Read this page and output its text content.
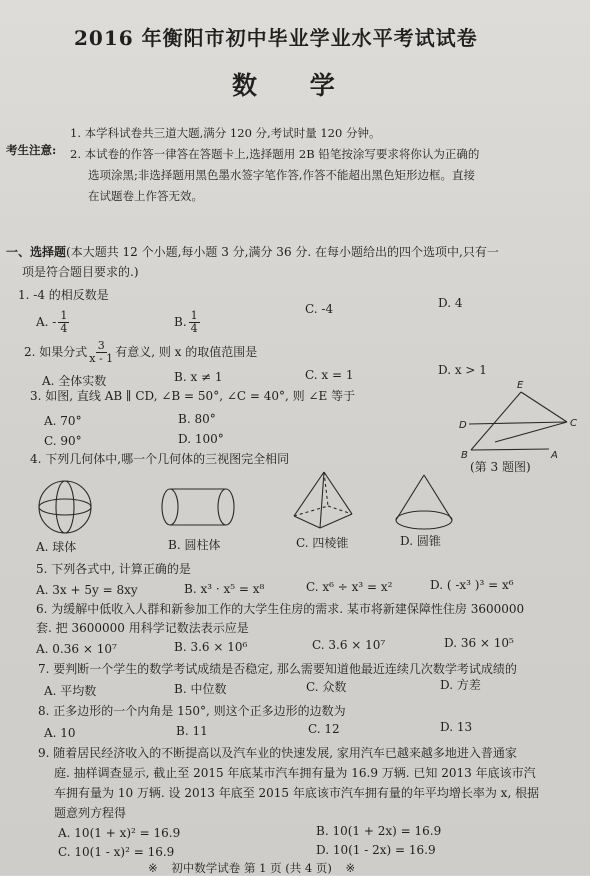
2016 年衡阳市初中毕业学业水平考试试卷
数 学
考生注意:
1. 本学科试卷共三道大题,满分 120 分,考试时量 120 分钟。
2. 本试卷的作答一律答在答题卡上,选择题用 2B 铅笔按涂写要求将你认为正确的
选项涂黑;非选择题用黑色墨水签字笔作答,作答不能超出黑色矩形边框。直接
在试题卷上作答无效。
一、选择题(本大题共 12 个小题,每小题 3 分,满分 36 分. 在每小题给出的四个选项中,只有一
项是符合题目要求的.)
1. -4 的相反数是
A. - $\frac{1}{4}$	B. $\frac{1}{4}$
C. -4	D. 4
2. 如果分式 $\frac{3}{x - 1}$ 有意义, 则 x 的取值范围是
A. 全体实数	B. x ≠ 1	C. x = 1	D. x > 1
3. 如图, 直线 AB ∥ CD, ∠B = 50°, ∠C = 40°, 则 ∠E 等于
A. 70°	B. 80°
C. 90°	D. 100°
E
D	C
B	A
(第 3 题图)
4. 下列几何体中,哪一个几何体的三视图完全相同
A. 球体	B. 圆柱体	C. 四棱锥	D. 圆锥
5. 下列各式中, 计算正确的是
A. 3x + 5y = 8xy	B. x³ · x⁵ = x⁸	C. x⁶ ÷ x³ = x²	D. ( -x³ )³ = x⁶
6. 为缓解中低收入人群和新参加工作的大学生住房的需求. 某市将新建保障性住房 3600000
套. 把 3600000 用科学记数法表示应是
A. 0.36 × 10⁷	B. 3.6 × 10⁶	C. 3.6 × 10⁷	D. 36 × 10⁵
7. 要判断一个学生的数学考试成绩是否稳定, 那么需要知道他最近连续几次数学考试成绩的
A. 平均数	B. 中位数	C. 众数	D. 方差
8. 正多边形的一个内角是 150°, 则这个正多边形的边数为
A. 10	B. 11	C. 12	D. 13
9. 随着居民经济收入的不断提高以及汽车业的快速发展, 家用汽车已越来越多地进入普通家
庭. 抽样调查显示, 截止至 2015 年底某市汽车拥有量为 16.9 万辆. 已知 2013 年底该市汽
车拥有量为 10 万辆. 设 2013 年底至 2015 年底该市汽车拥有量的年平均增长率为 x, 根据
题意列方程得
A. 10(1 + x)² = 16.9	B. 10(1 + 2x) = 16.9
C. 10(1 - x)² = 16.9	D. 10(1 - 2x) = 16.9
※ 初中数学试卷 第 1 页 (共 4 页) ※
